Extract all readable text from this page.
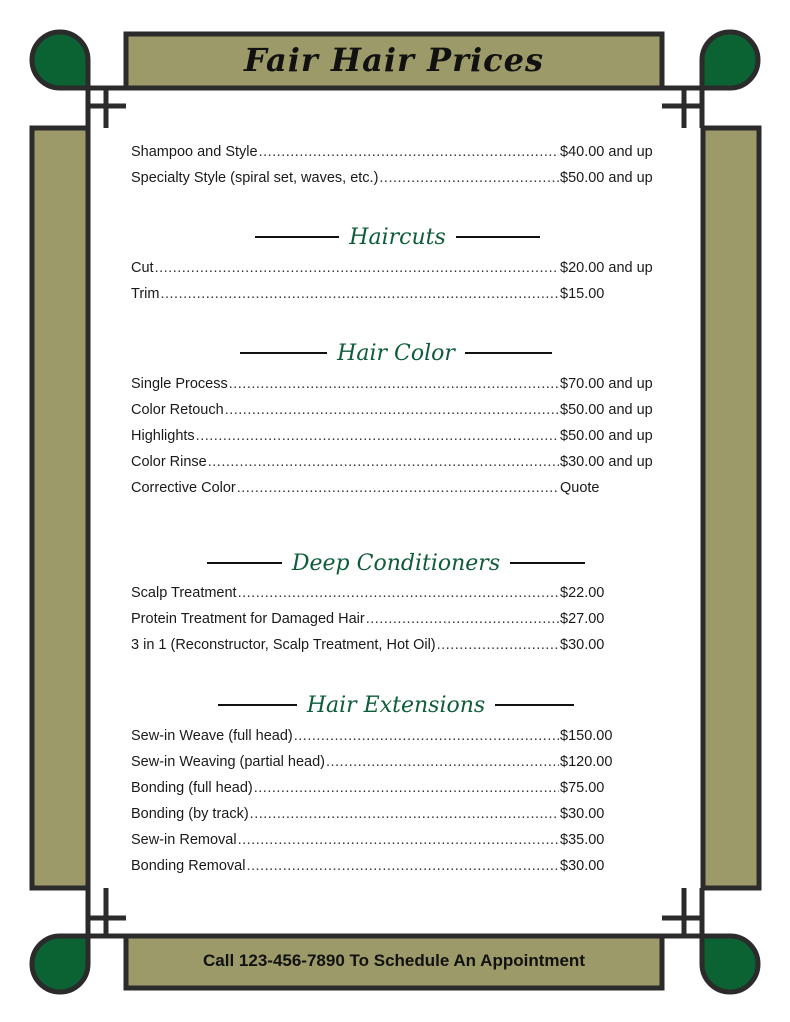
Fair Hair Prices
Call 123-456-7890 To Schedule An Appointment
Shampoo and Style .....	$40.00 and up
Specialty Style (spiral set, waves, etc.) .....	$50.00 and up
Haircuts
Cut .....	$20.00 and up
Trim .....	$15.00
Hair Color
Single Process .....	$70.00 and up
Color Retouch .....	$50.00 and up
Highlights .....	$50.00 and up
Color Rinse .....	$30.00 and up
Corrective Color .....	Quote
Deep Conditioners
Scalp Treatment .....	$22.00
Protein Treatment for Damaged Hair .....	$27.00
3 in 1 (Reconstructor, Scalp Treatment, Hot Oil) .....	$30.00
Hair Extensions
Sew-in Weave (full head) .....	$150.00
Sew-in Weaving (partial head) .....	$120.00
Bonding (full head) .....	$75.00
Bonding (by track) .....	$30.00
Sew-in Removal .....	$35.00
Bonding Removal .....	$30.00
